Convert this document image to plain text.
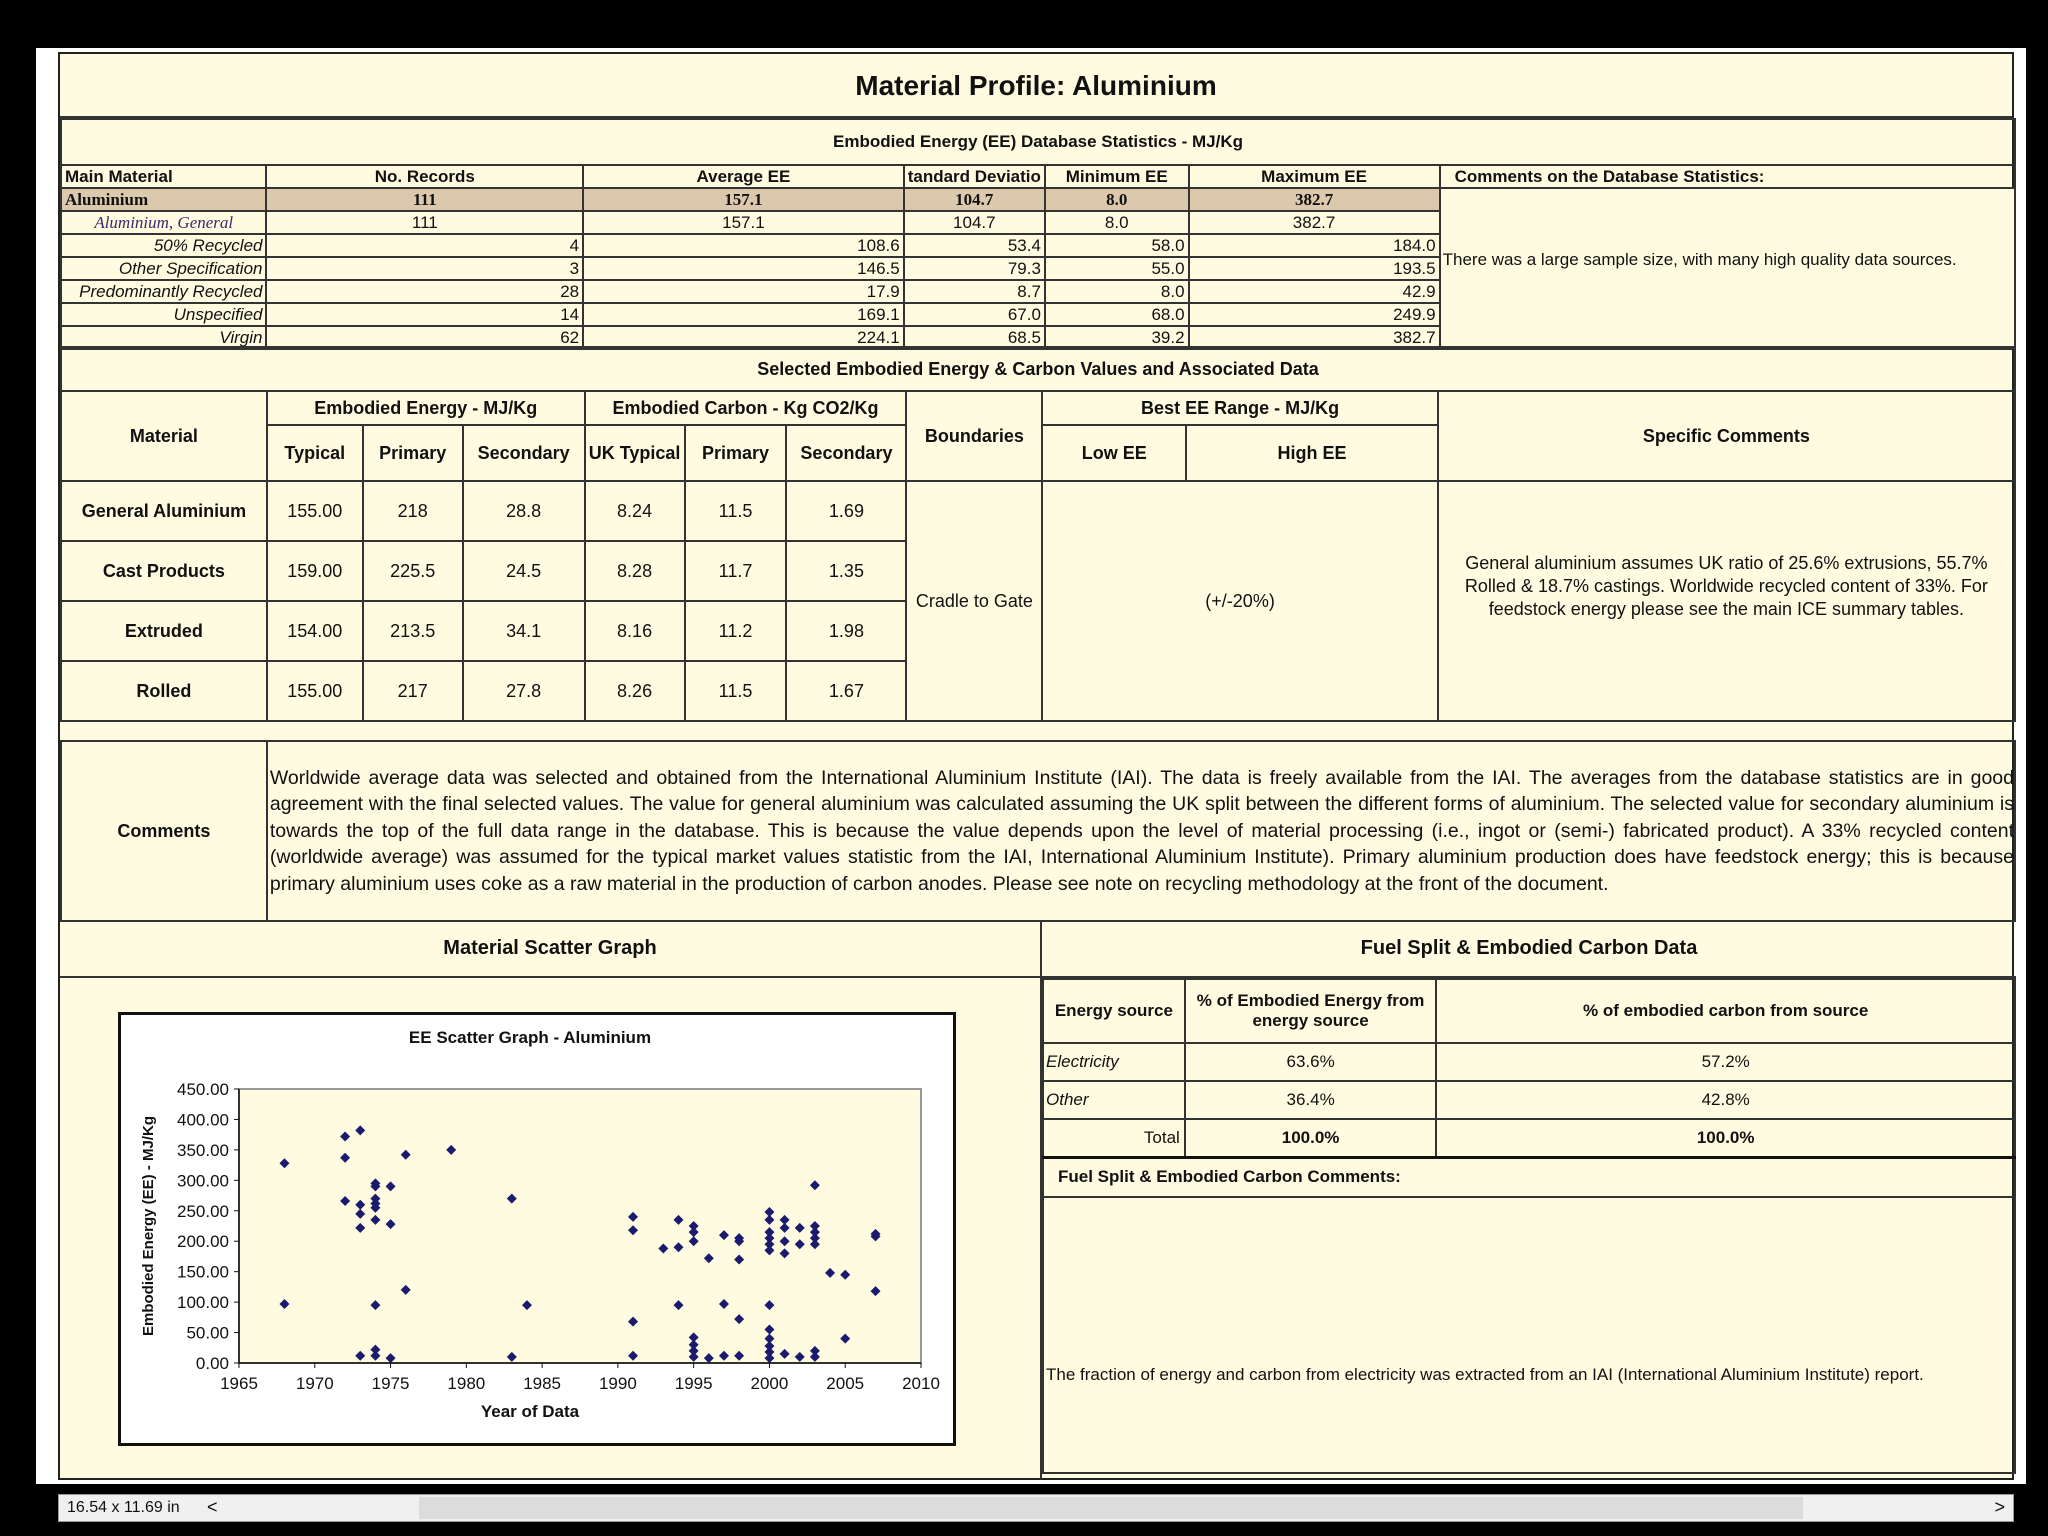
Material Profile: Aluminium
Embodied Energy (EE) Database Statistics - MJ/Kg						
Main Material	No. Records	Average EE	tandard Deviatio	Minimum EE	Maximum EE	Comments on the Database Statistics:
Aluminium	111	157.1	104.7	8.0	382.7	There was a large sample size, with many high quality data sources.
Aluminium, General	111	157.1	104.7	8.0	382.7	
50% Recycled	4	108.6	53.4	58.0	184.0	
Other Specification	3	146.5	79.3	55.0	193.5	
Predominantly Recycled	28	17.9	8.7	8.0	42.9	
Unspecified	14	169.1	67.0	68.0	249.9	
Virgin	62	224.1	68.5	39.2	382.7	
Selected Embodied Energy & Carbon Values and Associated Data										
Material	Embodied Energy - MJ/Kg			Embodied Carbon - Kg CO2/Kg			Boundaries	Best EE Range - MJ/Kg		Specific Comments
	Typical	Primary	Secondary	UK Typical	Primary	Secondary		Low EE	High EE	
General Aluminium	155.00	218	28.8	8.24	11.5	1.69	Cradle to Gate	(+/-20%)		General aluminium assumes UK ratio of 25.6% extrusions, 55.7% Rolled & 18.7% castings. Worldwide recycled content of 33%. For feedstock energy please see the main ICE summary tables.
Cast Products	159.00	225.5	24.5	8.28	11.7	1.35				
Extruded	154.00	213.5	34.1	8.16	11.2	1.98				
Rolled	155.00	217	27.8	8.26	11.5	1.67				
Comments	Worldwide average data was selected and obtained from the International Aluminium Institute (IAI). The data is freely available from the IAI. The averages from the database statistics are in good agreement with the final selected values. The value for general aluminium was calculated assuming the UK split between the different forms of aluminium. The selected value for secondary aluminium is towards the top of the full data range in the database. This is because the value depends upon the level of material processing (i.e., ingot or (semi-) fabricated product). A 33% recycled content (worldwide average) was assumed for the typical market values statistic from the IAI, International Aluminium Institute). Primary aluminium production does have feedstock energy; this is because primary aluminium uses coke as a raw material in the production of carbon anodes. Please see note on recycling methodology at the front of the document.
Material Scatter Graph
EE Scatter Graph - Aluminium
0.00
50.00
100.00
150.00
200.00
250.00
300.00
350.00
400.00
450.00
1965 1970 1975 1980 1985 1990 1995 2000 2005 2010
Year of Data
Embodied Energy (EE) - MJ/Kg
Fuel Split & Embodied Carbon Data
Energy source	% of Embodied Energy from energy source	% of embodied carbon from source
Electricity	63.6%	57.2%
Other	36.4%	42.8%
Total	100.0%	100.0%
Fuel Split & Embodied Carbon Comments:		
The fraction of energy and carbon from electricity was extracted from an IAI (International Aluminium Institute) report.		
16.54 x 11.69 in <	>
